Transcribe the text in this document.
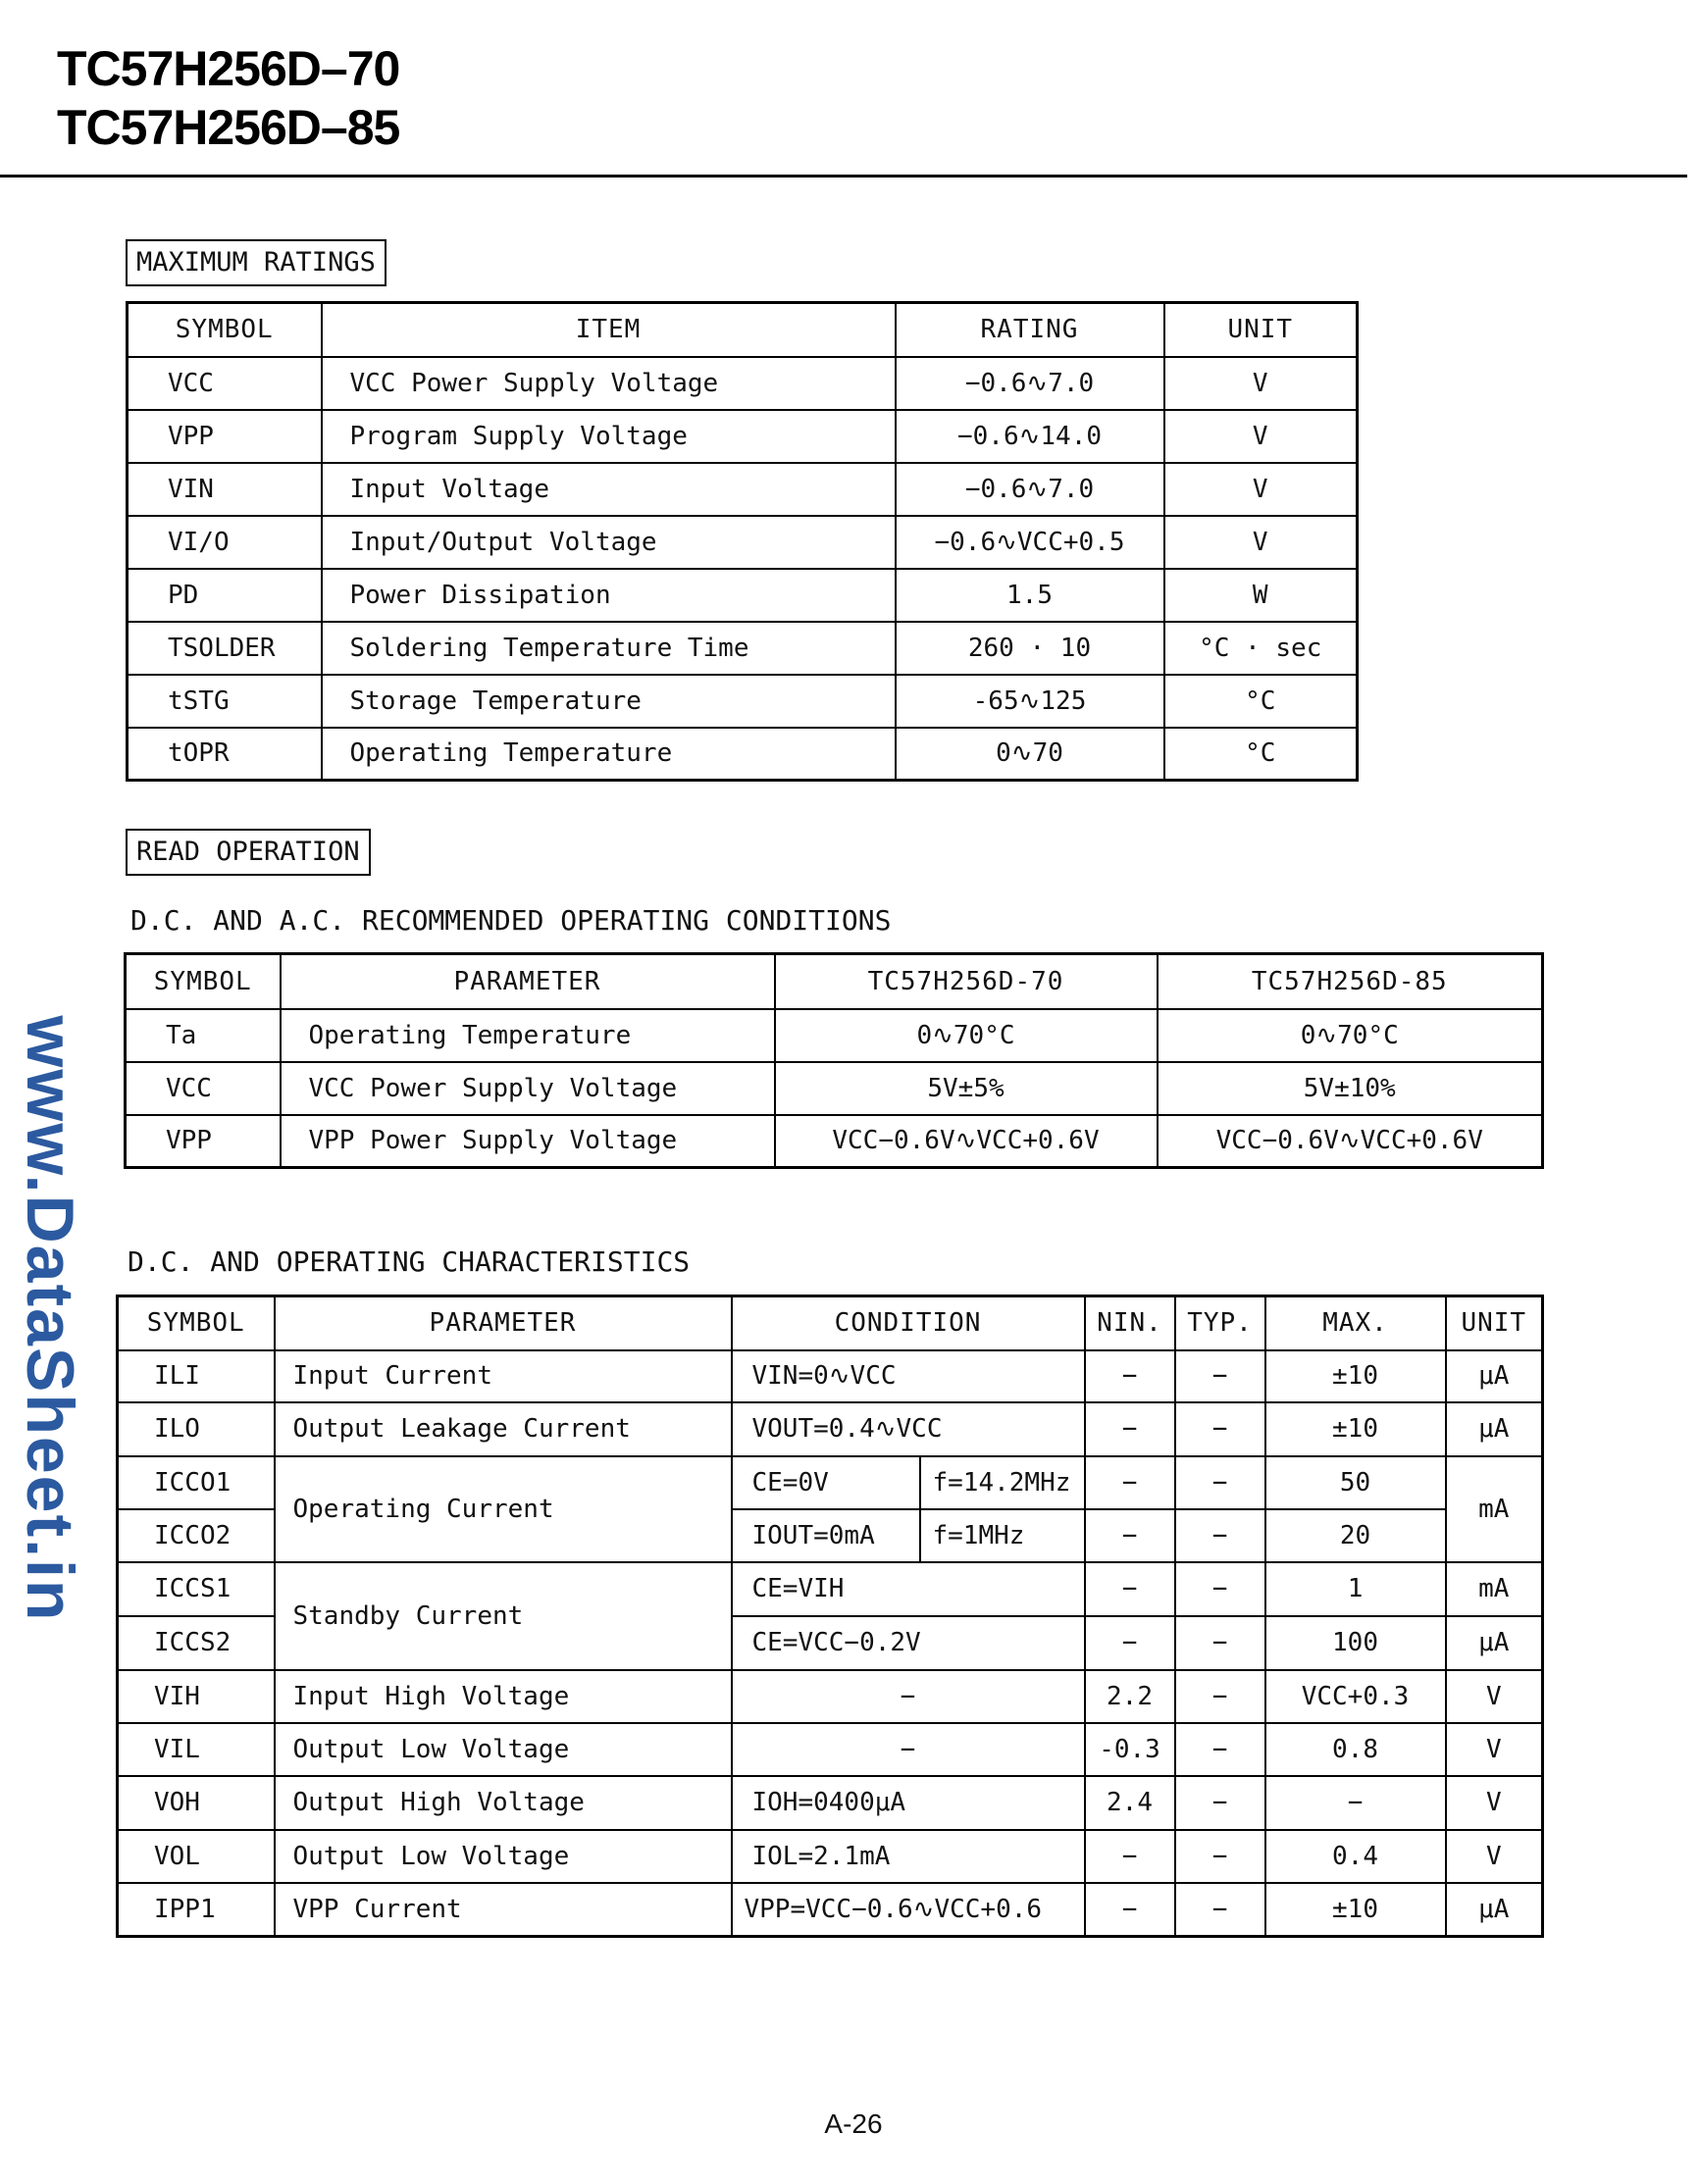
TC57H256D–70
TC57H256D–85
MAXIMUM RATINGS
SYMBOL	ITEM	RATING	UNIT
VCC	VCC Power Supply Voltage	−0.6∿7.0	V
VPP	Program Supply Voltage	−0.6∿14.0	V
VIN	Input Voltage	−0.6∿7.0	V
VI/O	Input/Output Voltage	−0.6∿VCC+0.5	V
PD	Power Dissipation	1.5	W
TSOLDER	Soldering Temperature Time	260 · 10	°C · sec
tSTG	Storage Temperature	-65∿125	°C
tOPR	Operating Temperature	0∿70	°C
READ OPERATION
D.C. AND A.C. RECOMMENDED OPERATING CONDITIONS
SYMBOL	PARAMETER	TC57H256D-70	TC57H256D-85
Ta	Operating Temperature	0∿70°C	0∿70°C
VCC	VCC Power Supply Voltage	5V±5%	5V±10%
VPP	VPP Power Supply Voltage	VCC−0.6V∿VCC+0.6V	VCC−0.6V∿VCC+0.6V
D.C. AND OPERATING CHARACTERISTICS
SYMBOL	PARAMETER	CONDITION		NIN.	TYP.	MAX.	UNIT
ILI	Input Current	VIN=0∿VCC		−	−	±10	μA
ILO	Output Leakage Current	VOUT=0.4∿VCC		−	−	±10	μA
ICCO1	Operating Current	CE=0V	f=14.2MHz	−	−	50	mA
ICCO2		IOUT=0mA	f=1MHz	−	−	20	
ICCS1	Standby Current	CE=VIH		−	−	1	mA
ICCS2		CE=VCC−0.2V		−	−	100	μA
VIH	Input High Voltage	−		2.2	−	VCC+0.3	V
VIL	Output Low Voltage	−		-0.3	−	0.8	V
VOH	Output High Voltage	IOH=0400μA		2.4	−	−	V
VOL	Output Low Voltage	IOL=2.1mA		−	−	0.4	V
IPP1	VPP Current	VPP=VCC−0.6∿VCC+0.6		−	−	±10	μA
www.DataSheet.in
A-26
